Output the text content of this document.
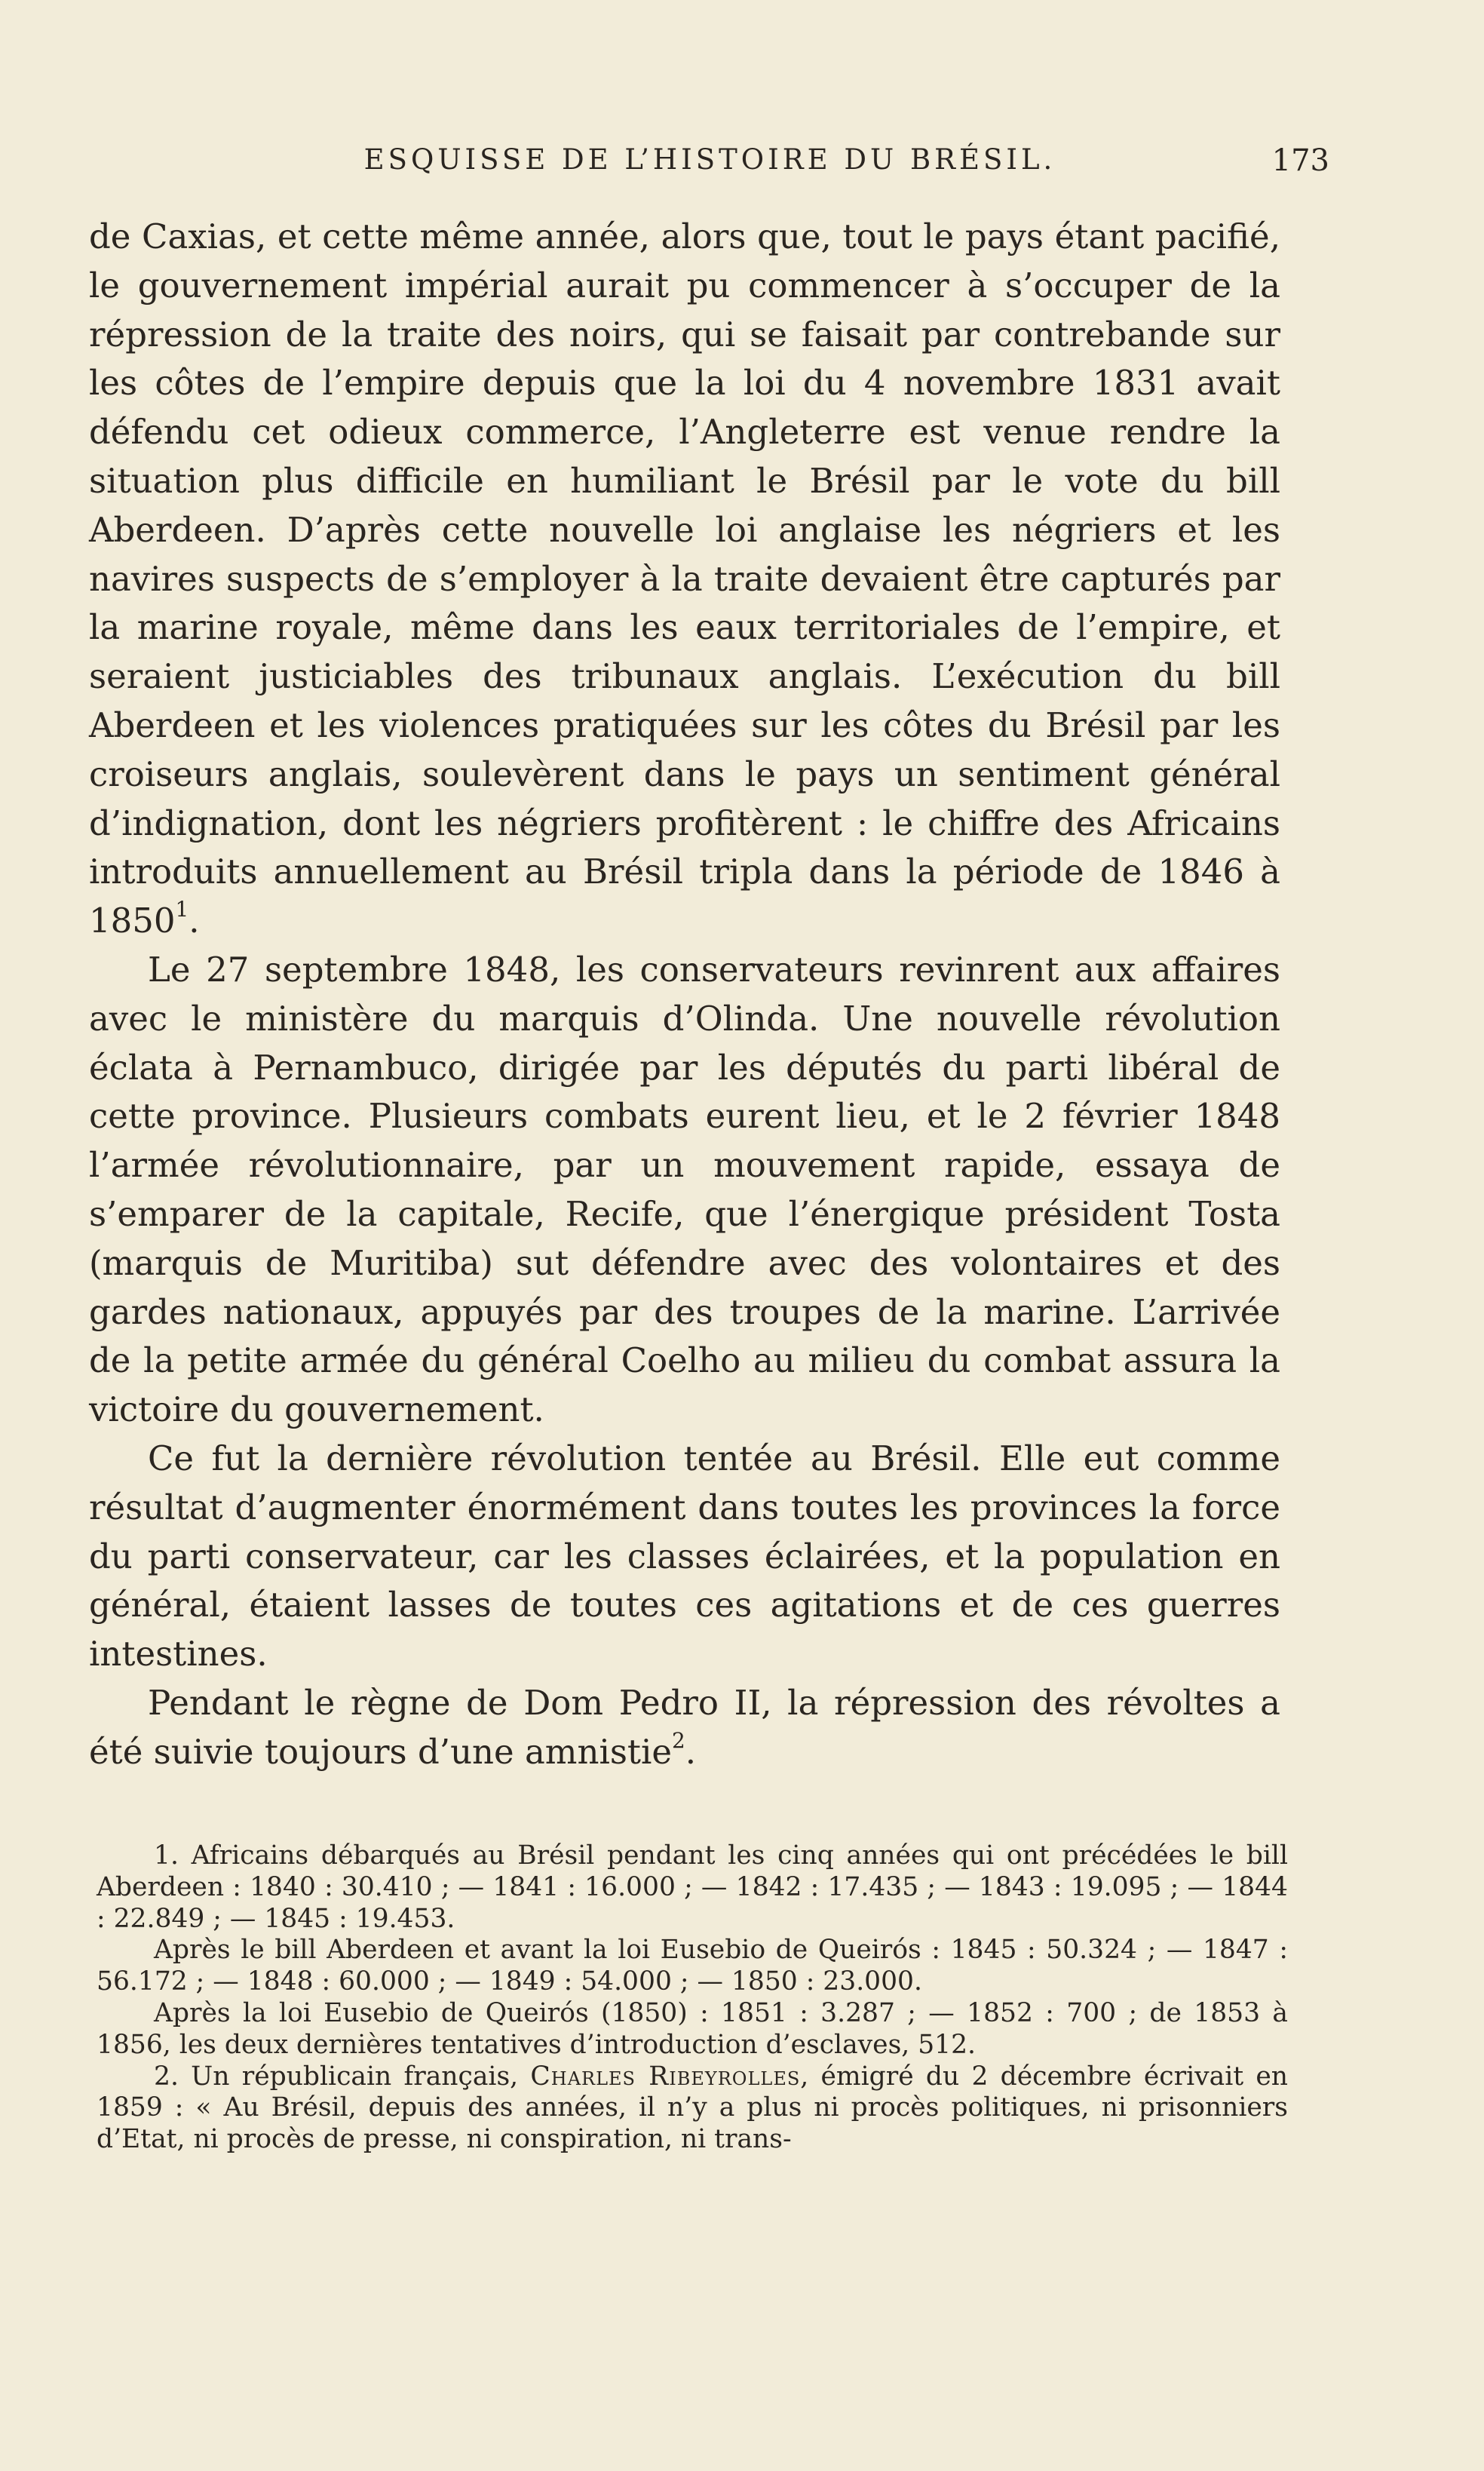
ESQUISSE DE L’HISTOIRE DU BRÉSIL.	173

de Caxias, et cette même année, alors que, tout le pays étant pacifié, le gouvernement impérial aurait pu commencer à s’occuper de la répression de la traite des noirs, qui se faisait par contrebande sur les côtes de l’empire depuis que la loi du 4 novembre 1831 avait défendu cet odieux commerce, l’Angleterre est venue rendre la situation plus difficile en humiliant le Brésil par le vote du bill Aberdeen. D’après cette nouvelle loi anglaise les négriers et les navires suspects de s’employer à la traite devaient être capturés par la marine royale, même dans les eaux territoriales de l’empire, et seraient justiciables des tribunaux anglais. L’exécution du bill Aberdeen et les violences pratiquées sur les côtes du Brésil par les croiseurs anglais, soulevèrent dans le pays un sentiment général d’indignation, dont les négriers profitèrent : le chiffre des Africains introduits annuellement au Brésil tripla dans la période de 1846 à 1850$^1$.

Le 27 septembre 1848, les conservateurs revinrent aux affaires avec le ministère du marquis d’Olinda. Une nouvelle révolution éclata à Pernambuco, dirigée par les députés du parti libéral de cette province. Plusieurs combats eurent lieu, et le 2 février 1848 l’armée révolutionnaire, par un mouvement rapide, essaya de s’emparer de la capitale, Recife, que l’énergique président Tosta (marquis de Muritiba) sut défendre avec des volontaires et des gardes nationaux, appuyés par des troupes de la marine. L’arrivée de la petite armée du général Coelho au milieu du combat assura la victoire du gouvernement.

Ce fut la dernière révolution tentée au Brésil. Elle eut comme résultat d’augmenter énormément dans toutes les provinces la force du parti conservateur, car les classes éclairées, et la population en général, étaient lasses de toutes ces agitations et de ces guerres intestines.

Pendant le règne de Dom Pedro II, la répression des révoltes a été suivie toujours d’une amnistie$^2$.

1. Africains débarqués au Brésil pendant les cinq années qui ont précédées le bill Aberdeen : 1840 : 30.410 ; — 1841 : 16.000 ; — 1842 : 17.435 ; — 1843 : 19.095 ; — 1844 : 22.849 ; — 1845 : 19.453.

Après le bill Aberdeen et avant la loi Eusebio de Queirós : 1845 : 50.324 ; — 1847 : 56.172 ; — 1848 : 60.000 ; — 1849 : 54.000 ; — 1850 : 23.000.

Après la loi Eusebio de Queirós (1850) : 1851 : 3.287 ; — 1852 : 700 ; de 1853 à 1856, les deux dernières tentatives d’introduction d’esclaves, 512.

2. Un républicain français, Charles Ribeyrolles, émigré du 2 décembre écrivait en 1859 : « Au Brésil, depuis des années, il n’y a plus ni procès politiques, ni prisonniers d’Etat, ni procès de presse, ni conspiration, ni trans-
